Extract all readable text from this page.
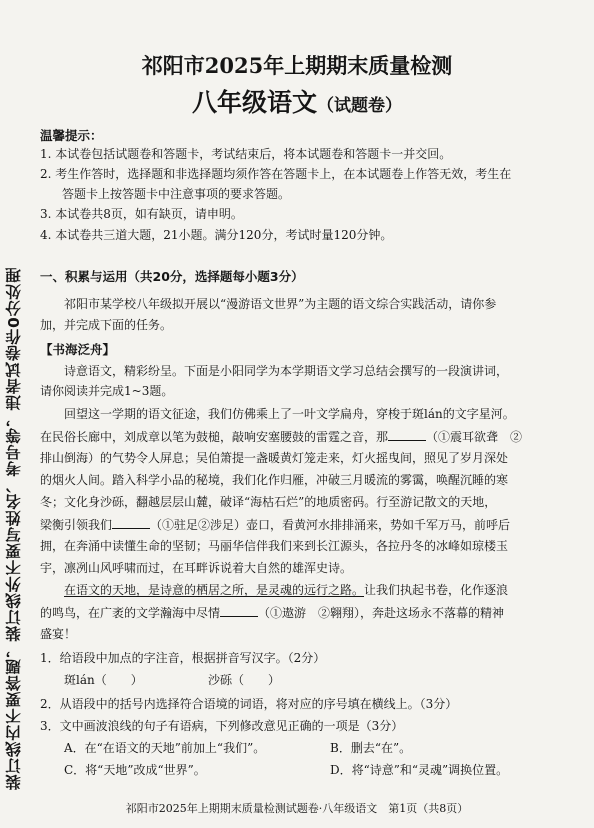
装订线内不要答题，装订线外不要写姓名、考号等，违者试卷作0分处理
祁阳市2025年上期期末质量检测
八年级语文（试题卷）
温馨提示：
1. 本试卷包括试题卷和答题卡，考试结束后，将本试题卷和答题卡一并交回。
2. 考生作答时，选择题和非选择题均须作答在答题卡上，在本试题卷上作答无效，考生在
答题卡上按答题卡中注意事项的要求答题。
3. 本试卷共8页，如有缺页，请申明。
4. 本试卷共三道大题，21小题。满分120分，考试时量120分钟。
一、积累与运用（共20分，选择题每小题3分）
祁阳市某学校八年级拟开展以“漫游语文世界”为主题的语文综合实践活动，请你参
加，并完成下面的任务。
【书海泛舟】
诗意语文，精彩纷呈。下面是小阳同学为本学期语文学习总结会撰写的一段演讲词，
请你阅读并完成1~3题。
回望这一学期的语文征途，我们仿佛乘上了一叶文学扁舟，穿梭于斑lán的文字星河。
在民俗长廊中，刘成章以笔为鼓槌，敲响安塞腰鼓的雷霆之音，那	（①震耳欲聋　②
排山倒海）的气势令人屏息；吴伯箫提一盏暖黄灯笼走来，灯火摇曳间，照见了岁月深处
的烟火人间。踏入科学小品的秘境，我们化作归雁，冲破三月暖流的雾霭，唤醒沉睡的寒
冬；文化身沙砾，翻越层层山麓，破译“海枯石烂”的地质密码。行至游记散文的天地，
梁衡引领我们	（①驻足②涉足）壶口，看黄河水排排涌来，势如千军万马，前呼后
拥，在奔涌中读懂生命的坚韧；马丽华信伴我们来到长江源头，各拉丹冬的冰峰如琼楼玉
宇，凛冽山风呼啸而过，在耳畔诉说着大自然的雄浑史诗。
在语文的天地，是诗意的栖居之所，是灵魂的远行之路。让我们执起书卷，化作逐浪
的鸣鸟，在广袤的文学瀚海中尽情	（①遨游　②翱翔），奔赴这场永不落幕的精神
盛宴！
1．给语段中加点的字注音，根据拼音写汉字。（2分）
斑lán（　　）	沙砾（　　）
2．从语段中的括号内选择符合语境的词语，将对应的序号填在横线上。（3分）
3．文中画波浪线的句子有语病，下列修改意见正确的一项是（3分）
A．在“在语文的天地”前加上“我们”。	B．删去“在”。
C．将“天地”改成“世界”。	D．将“诗意”和“灵魂”调换位置。
祁阳市2025年上期期末质量检测试题卷·八年级语文　第1页（共8页）
